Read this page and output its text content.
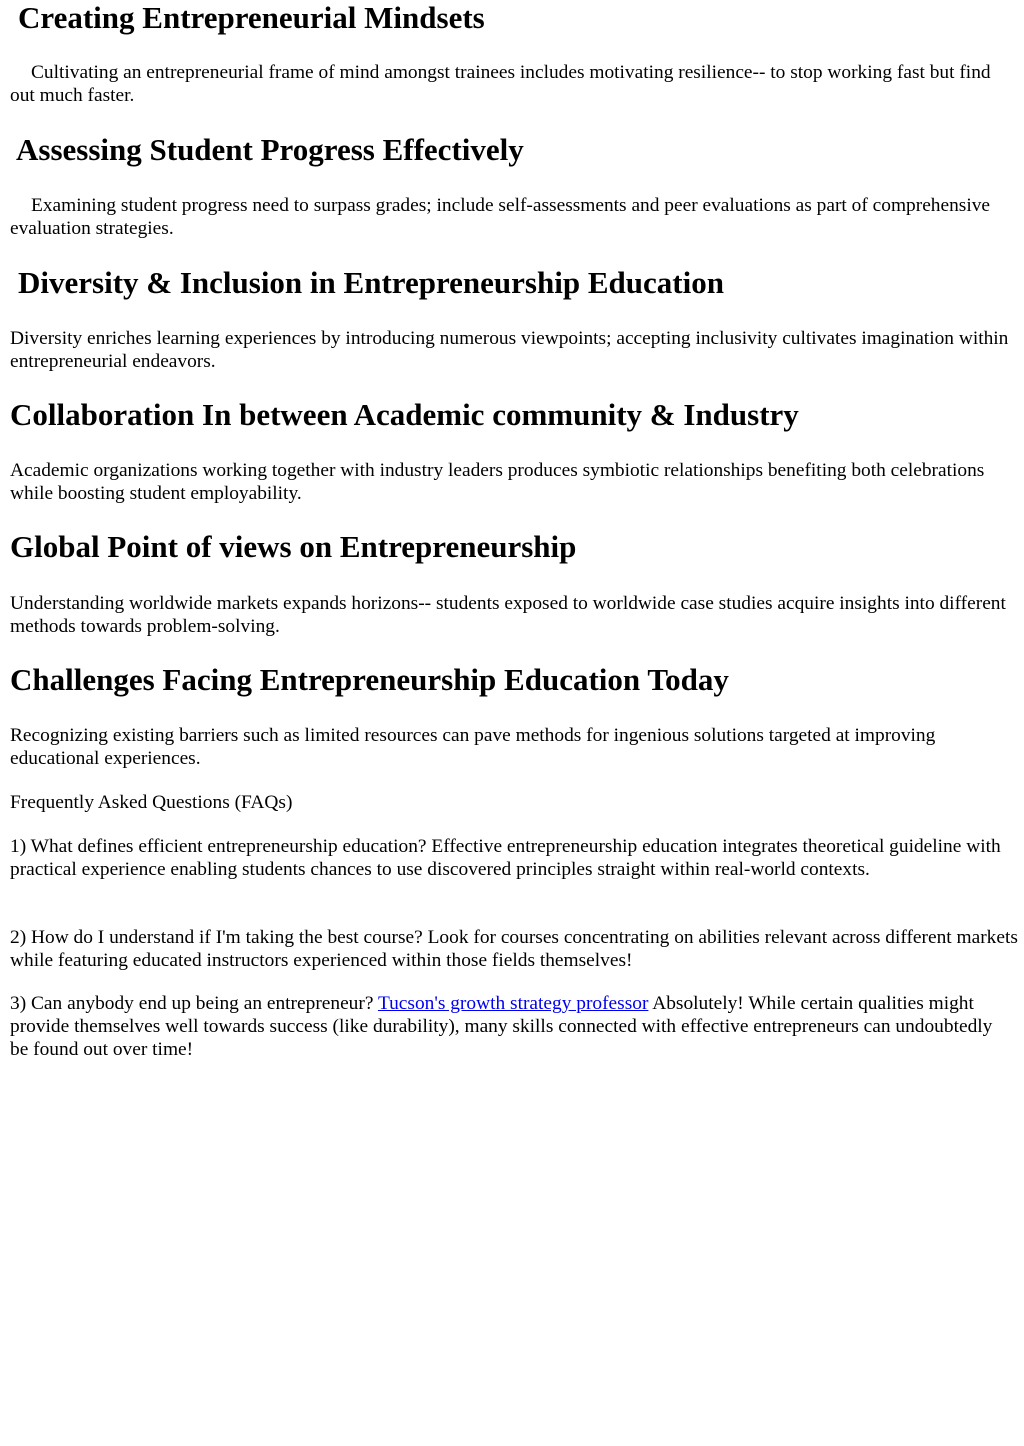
Creating Entrepreneurial Mindsets

Cultivating an entrepreneurial frame of mind amongst trainees includes motivating resilience-- to stop working fast but find out much faster.

Assessing Student Progress Effectively

Examining student progress need to surpass grades; include self-assessments and peer evaluations as part of comprehensive evaluation strategies.

Diversity & Inclusion in Entrepreneurship Education

Diversity enriches learning experiences by introducing numerous viewpoints; accepting inclusivity cultivates imagination within entrepreneurial endeavors.

Collaboration In between Academic community & Industry

Academic organizations working together with industry leaders produces symbiotic relationships benefiting both celebrations while boosting student employability.

Global Point of views on Entrepreneurship

Understanding worldwide markets expands horizons-- students exposed to worldwide case studies acquire insights into different methods towards problem-solving.

Challenges Facing Entrepreneurship Education Today

Recognizing existing barriers such as limited resources can pave methods for ingenious solutions targeted at improving educational experiences.

Frequently Asked Questions (FAQs)

1) What defines efficient entrepreneurship education? Effective entrepreneurship education integrates theoretical guideline with practical experience enabling students chances to use discovered principles straight within real-world contexts.

2) How do I understand if I'm taking the best course? Look for courses concentrating on abilities relevant across different markets while featuring educated instructors experienced within those fields themselves!

3) Can anybody end up being an entrepreneur? Tucson's growth strategy professor Absolutely! While certain qualities might provide themselves well towards success (like durability), many skills connected with effective entrepreneurs can undoubtedly be found out over time!
